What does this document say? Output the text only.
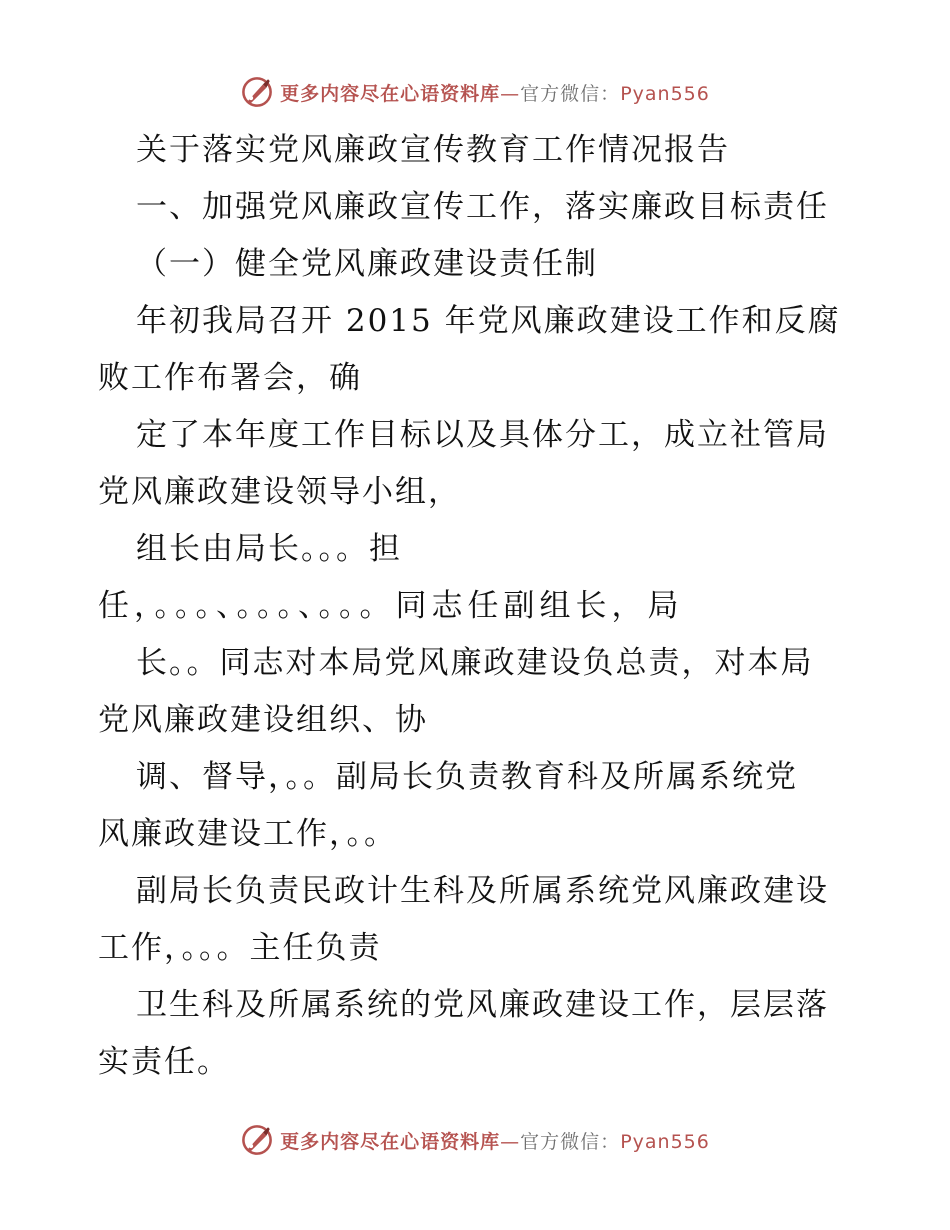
更多内容尽在心语资料库—官方微信：Pyan556
关于落实党风廉政宣传教育工作情况报告
一、加强党风廉政宣传工作，落实廉政目标责任
（一）健全党风廉政建设责任制
年初我局召开 2015 年党风廉政建设工作和反腐
败工作布署会，确
定了本年度工作目标以及具体分工，成立社管局
党风廉政建设领导小组，
组长由局长。。。担
任，。。。、。。。、。。。同志任副组长，局
长。。同志对本局党风廉政建设负总责，对本局
党风廉政建设组织、协
调、督导，。。副局长负责教育科及所属系统党
风廉政建设工作，。。
副局长负责民政计生科及所属系统党风廉政建设
工作，。。。主任负责
卫生科及所属系统的党风廉政建设工作，层层落
实责任。
更多内容尽在心语资料库—官方微信：Pyan556
